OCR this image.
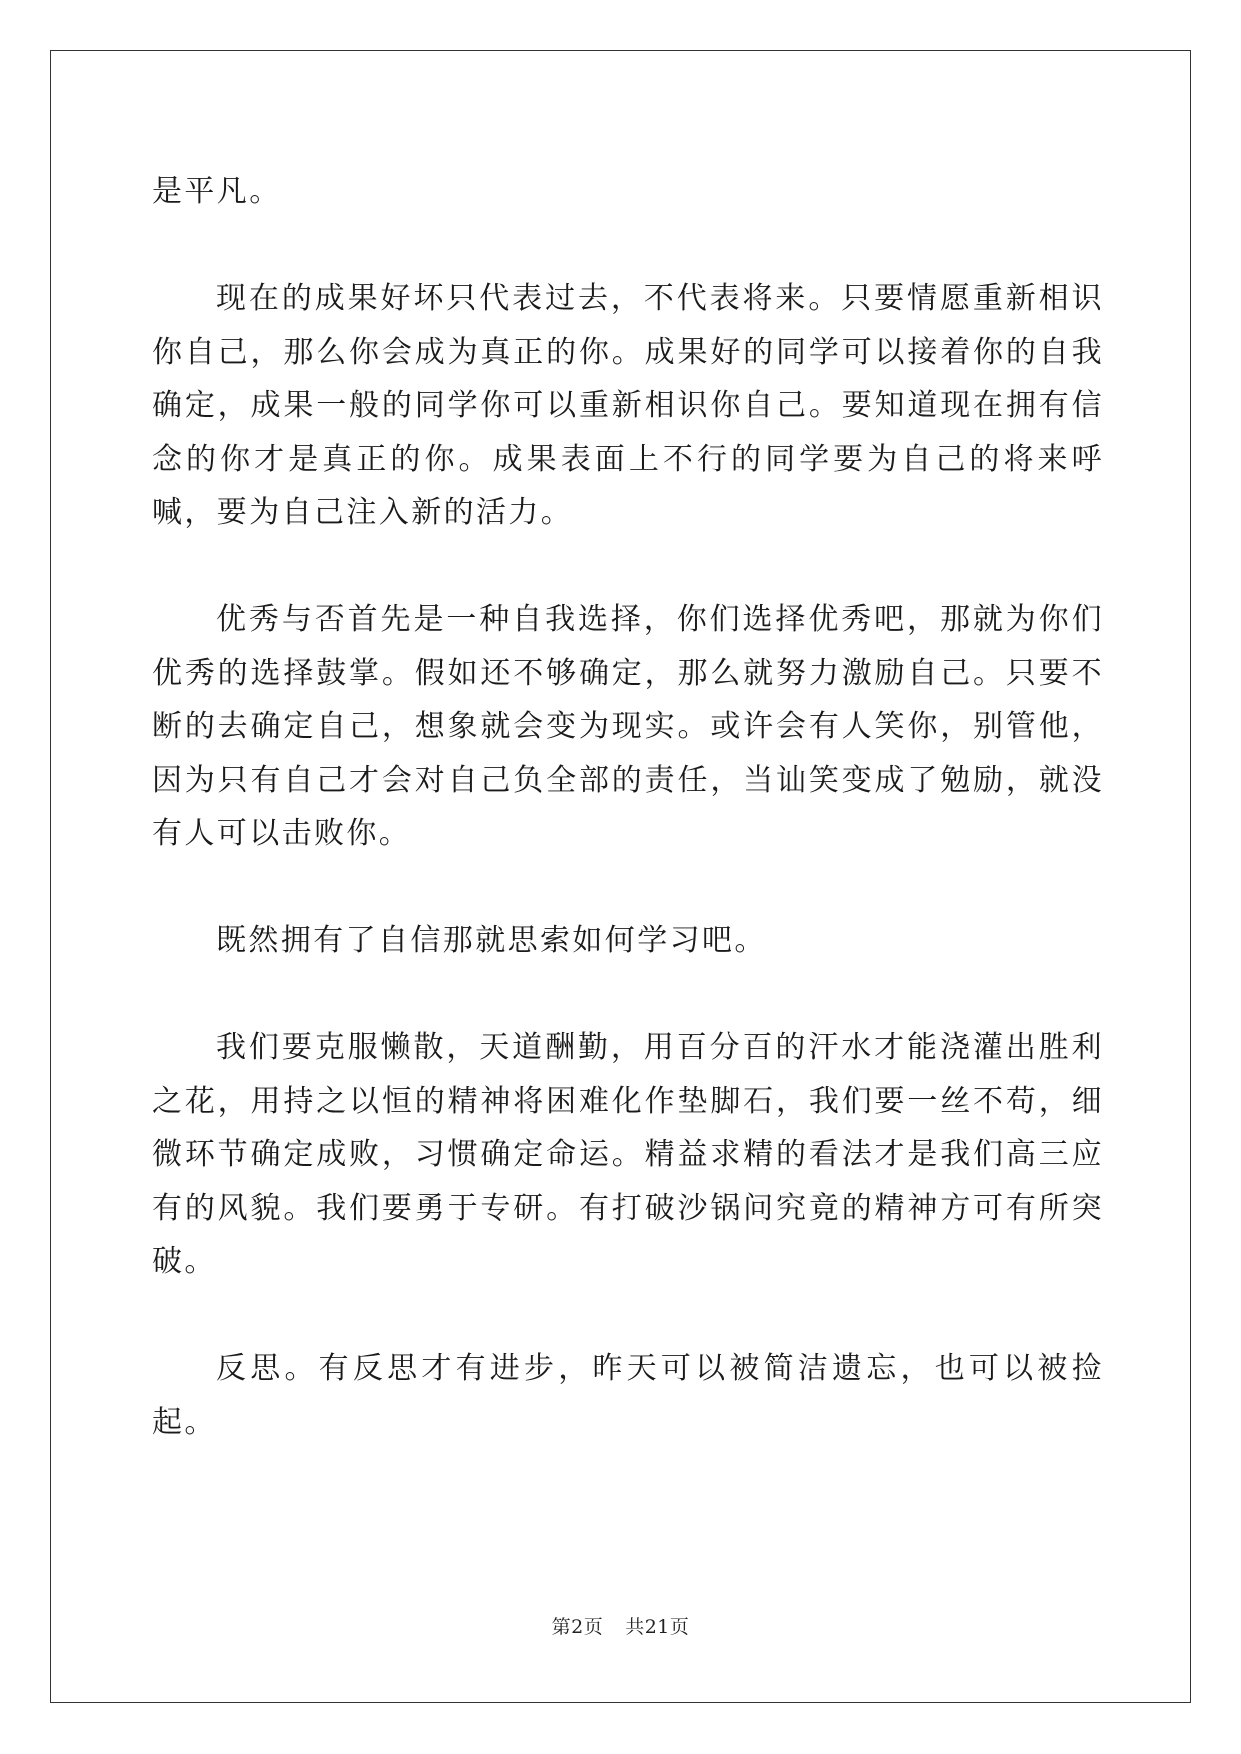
是平凡。

现在的成果好坏只代表过去，不代表将来。只要情愿重新相识你自己，那么你会成为真正的你。成果好的同学可以接着你的自我确定，成果一般的同学你可以重新相识你自己。要知道现在拥有信念的你才是真正的你。成果表面上不行的同学要为自己的将来呼喊，要为自己注入新的活力。

优秀与否首先是一种自我选择，你们选择优秀吧，那就为你们优秀的选择鼓掌。假如还不够确定，那么就努力激励自己。只要不断的去确定自己，想象就会变为现实。或许会有人笑你，别管他，因为只有自己才会对自己负全部的责任，当讪笑变成了勉励，就没有人可以击败你。

既然拥有了自信那就思索如何学习吧。

我们要克服懒散，天道酬勤，用百分百的汗水才能浇灌出胜利之花，用持之以恒的精神将困难化作垫脚石，我们要一丝不苟，细微环节确定成败，习惯确定命运。精益求精的看法才是我们高三应有的风貌。我们要勇于专研。有打破沙锅问究竟的精神方可有所突破。

反思。有反思才有进步，昨天可以被简洁遗忘，也可以被捡起。

第2页 共21页
